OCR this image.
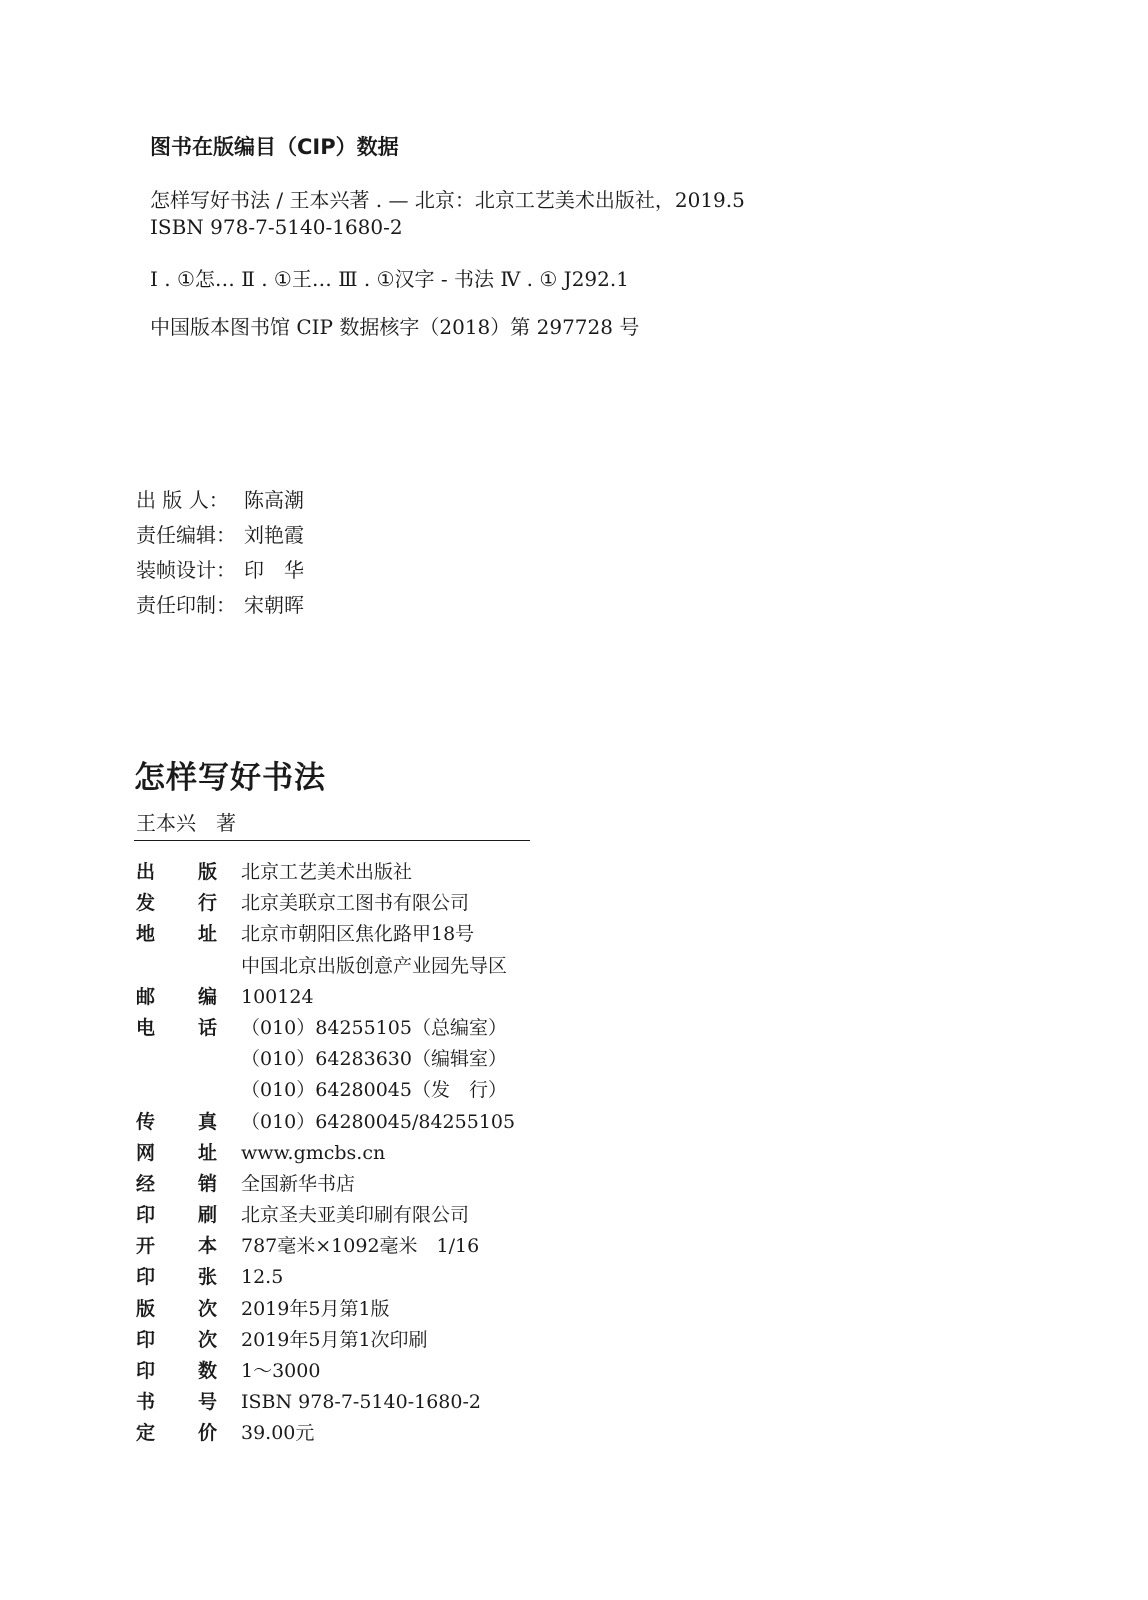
图书在版编目（CIP）数据
怎样写好书法 / 王本兴著 . — 北京：北京工艺美术出版社，2019.5
ISBN 978-7-5140-1680-2
Ⅰ . ①怎… Ⅱ . ①王… Ⅲ . ①汉字 - 书法 Ⅳ . ① J292.1
中国版本图书馆 CIP 数据核字（2018）第 297728 号
出 版 人： 陈高潮
责任编辑： 刘艳霞
装帧设计： 印　华
责任印制： 宋朝晖
怎样写好书法
王本兴　著
出 版 北京工艺美术出版社
发 行 北京美联京工图书有限公司
地 址 北京市朝阳区焦化路甲18号
中国北京出版创意产业园先导区
邮 编 100124
电 话 （010）84255105（总编室）
（010）64283630（编辑室）
（010）64280045（发　行）
传 真 （010）64280045/84255105
网 址 www.gmcbs.cn
经 销 全国新华书店
印 刷 北京圣夫亚美印刷有限公司
开 本 787毫米×1092毫米　1/16
印 张 12.5
版 次 2019年5月第1版
印 次 2019年5月第1次印刷
印 数 1～3000
书 号 ISBN 978-7-5140-1680-2
定 价 39.00元
